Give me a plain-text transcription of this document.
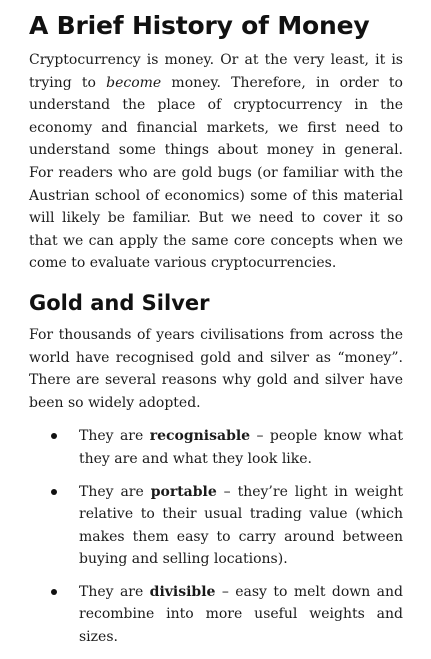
A Brief History of Money

Cryptocurrency is money. Or at the very least, it is trying to become money. Therefore, in order to understand the place of cryptocurrency in the economy and financial markets, we first need to understand some things about money in general. For readers who are gold bugs (or familiar with the Austrian school of economics) some of this material will likely be familiar. But we need to cover it so that we can apply the same core concepts when we come to evaluate various cryptocurrencies.

Gold and Silver

For thousands of years civilisations from across the world have recognised gold and silver as “money”. There are several reasons why gold and silver have been so widely adopted.

They are recognisable – people know what they are and what they look like.

They are portable – they’re light in weight relative to their usual trading value (which makes them easy to carry around between buying and selling locations).

They are divisible – easy to melt down and recombine into more useful weights and sizes.
